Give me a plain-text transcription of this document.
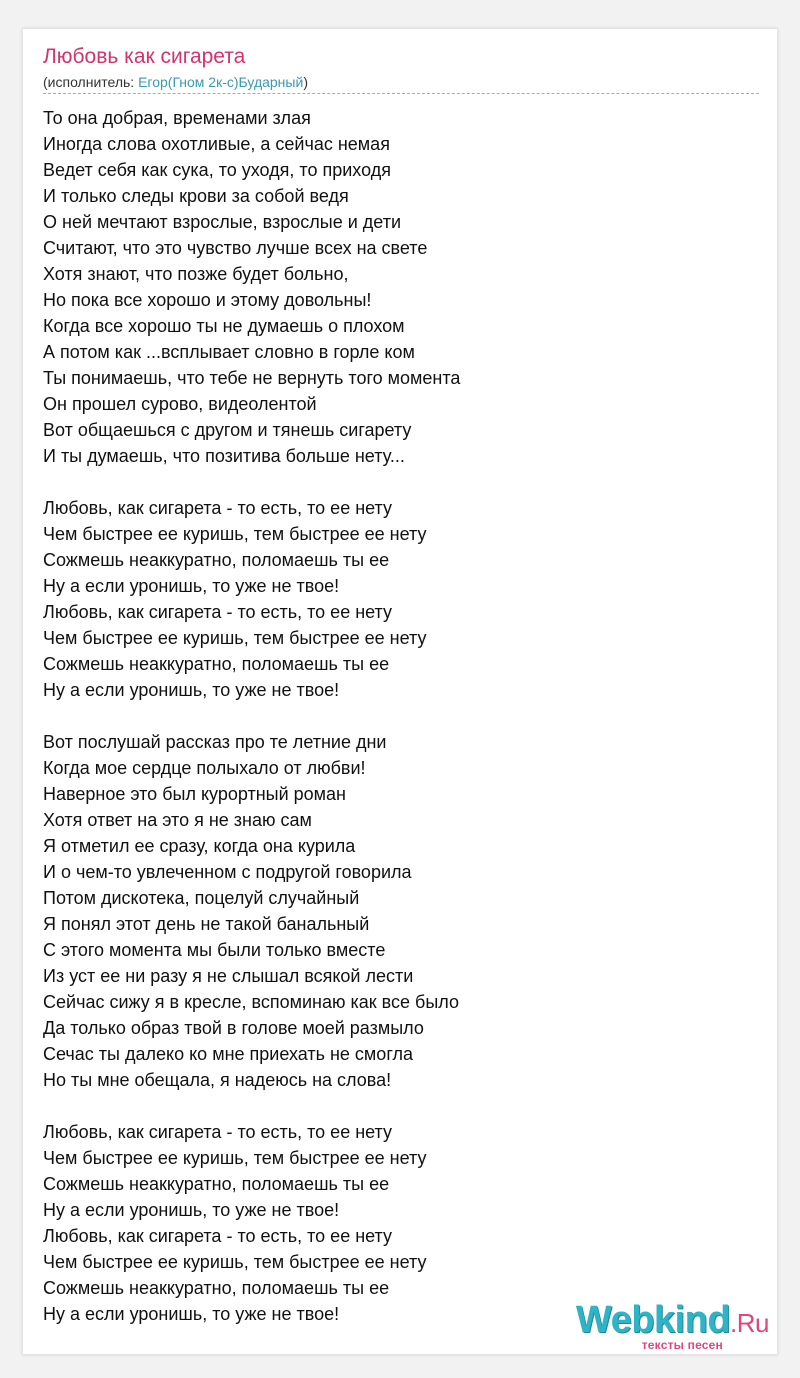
Любовь как сигарета
(исполнитель: Егор(Гном 2к-с)Бударный)
То она добрая, временами злая
Иногда слова охотливые, а сейчас немая
Ведет себя как сука, то уходя, то приходя
И только следы крови за собой ведя
О ней мечтают взрослые, взрослые и дети
Считают, что это чувство лучше всех на свете
Хотя знают, что позже будет больно,
Но пока все хорошо и этому довольны!
Когда все хорошо ты не думаешь о плохом
А потом как ...всплывает словно в горле ком
Ты понимаешь, что тебе не вернуть того момента
Он прошел сурово, видеолентой
Вот общаешься с другом и тянешь сигарету
И ты думаешь, что позитива больше нету...
Любовь, как сигарета - то есть, то ее нету
Чем быстрее ее куришь, тем быстрее ее нету
Сожмешь неаккуратно, поломаешь ты ее
Ну а если уронишь, то уже не твое!
Любовь, как сигарета - то есть, то ее нету
Чем быстрее ее куришь, тем быстрее ее нету
Сожмешь неаккуратно, поломаешь ты ее
Ну а если уронишь, то уже не твое!
Вот послушай рассказ про те летние дни
Когда мое сердце полыхало от любви!
Наверное это был курортный роман
Хотя ответ на это я не знаю сам
Я отметил ее сразу, когда она курила
И о чем-то увлеченном с подругой говорила
Потом дискотека, поцелуй случайный
Я понял этот день не такой банальный
С этого момента мы были только вместе
Из уст ее ни разу я не слышал всякой лести
Сейчас сижу я в кресле, вспоминаю как все было
Да только образ твой в голове моей размыло
Сечас ты далеко ко мне приехать не смогла
Но ты мне обещала, я надеюсь на слова!
Любовь, как сигарета - то есть, то ее нету
Чем быстрее ее куришь, тем быстрее ее нету
Сожмешь неаккуратно, поломаешь ты ее
Ну а если уронишь, то уже не твое!
Любовь, как сигарета - то есть, то ее нету
Чем быстрее ее куришь, тем быстрее ее нету
Сожмешь неаккуратно, поломаешь ты ее
Ну а если уронишь, то уже не твое!	Webkind.Ru
тексты песен
